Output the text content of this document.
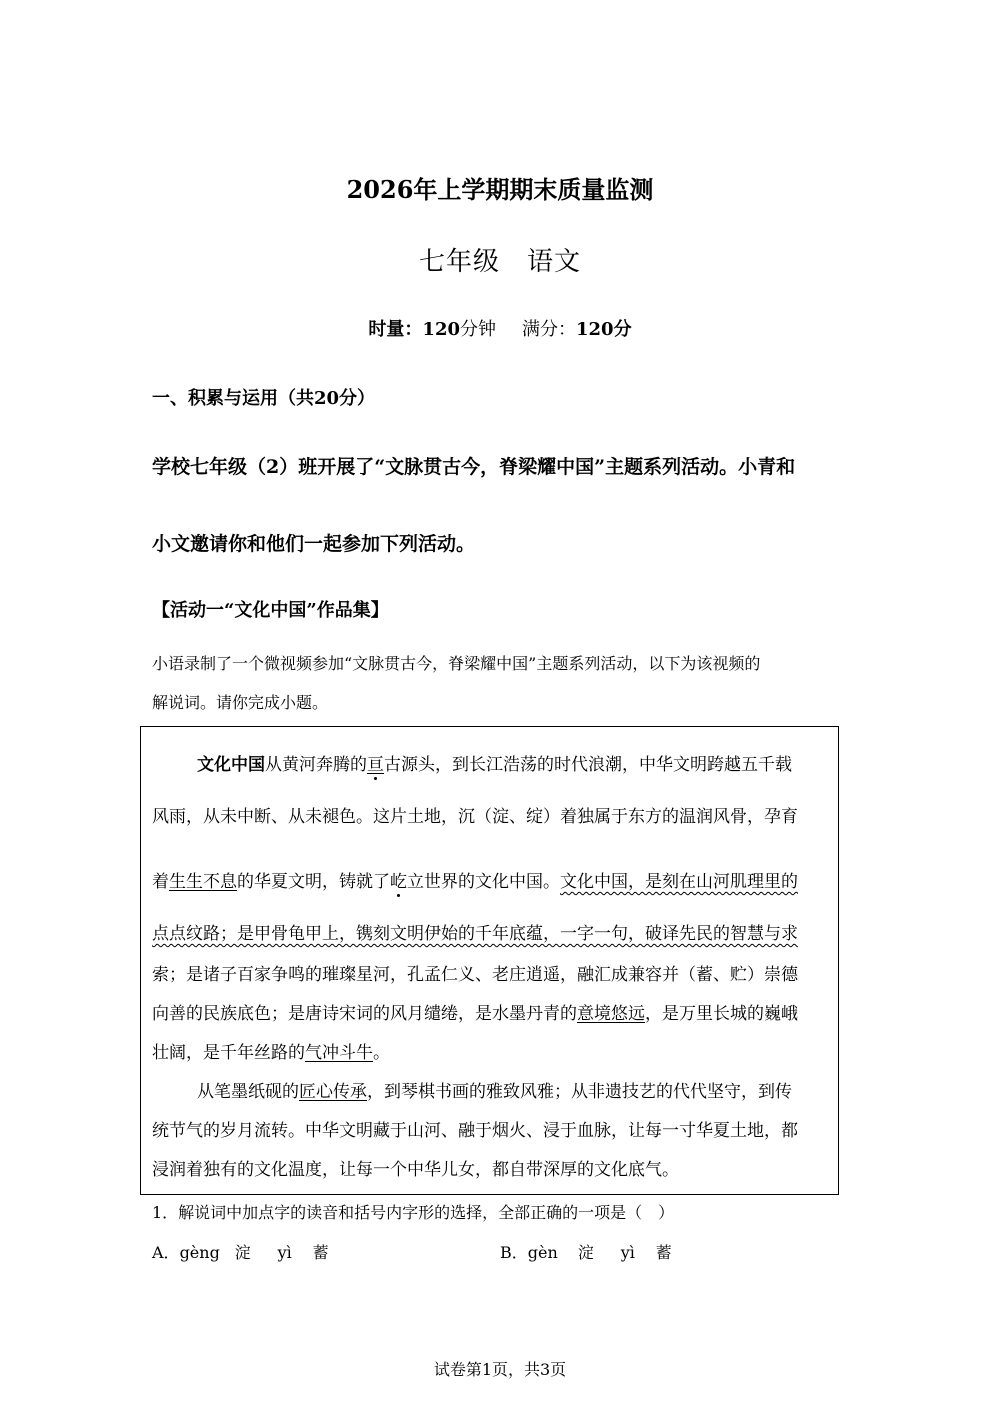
2026年上学期期末质量监测
七年级　语文
时量：120分钟 满分：120分
一、积累与运用（共20分）
学校七年级（2）班开展了“文脉贯古今，脊梁耀中国”主题系列活动。小青和
小文邀请你和他们一起参加下列活动。
【活动一“文化中国”作品集】
小语录制了一个微视频参加“文脉贯古今，脊梁耀中国”主题系列活动，以下为该视频的
解说词。请你完成小题。
文化中国从黄河奔腾的亘古源头，到长江浩荡的时代浪潮，中华文明跨越五千载
风雨，从未中断、从未褪色。这片土地，沉（淀、绽）着独属于东方的温润风骨，孕育
着生生不息的华夏文明，铸就了屹立世界的文化中国。文化中国，是刻在山河肌理里的
点点纹路；是甲骨龟甲上，镌刻文明伊始的千年底蕴，一字一句，破译先民的智慧与求
索；是诸子百家争鸣的璀璨星河，孔孟仁义、老庄逍遥，融汇成兼容并（蓄、贮）崇德
向善的民族底色；是唐诗宋词的风月缱绻，是水墨丹青的意境悠远，是万里长城的巍峨
壮阔，是千年丝路的气冲斗牛。
从笔墨纸砚的匠心传承，到琴棋书画的雅致风雅；从非遗技艺的代代坚守，到传
统节气的岁月流转。中华文明藏于山河、融于烟火、浸于血脉，让每一寸华夏土地，都
浸润着独有的文化温度，让每一个中华儿女，都自带深厚的文化底气。
1．解说词中加点字的读音和括号内字形的选择，全部正确的一项是（　）
A．gèng 淀 yì 蓄	B．gèn 淀 yì 蓄
试卷第1页，共3页
